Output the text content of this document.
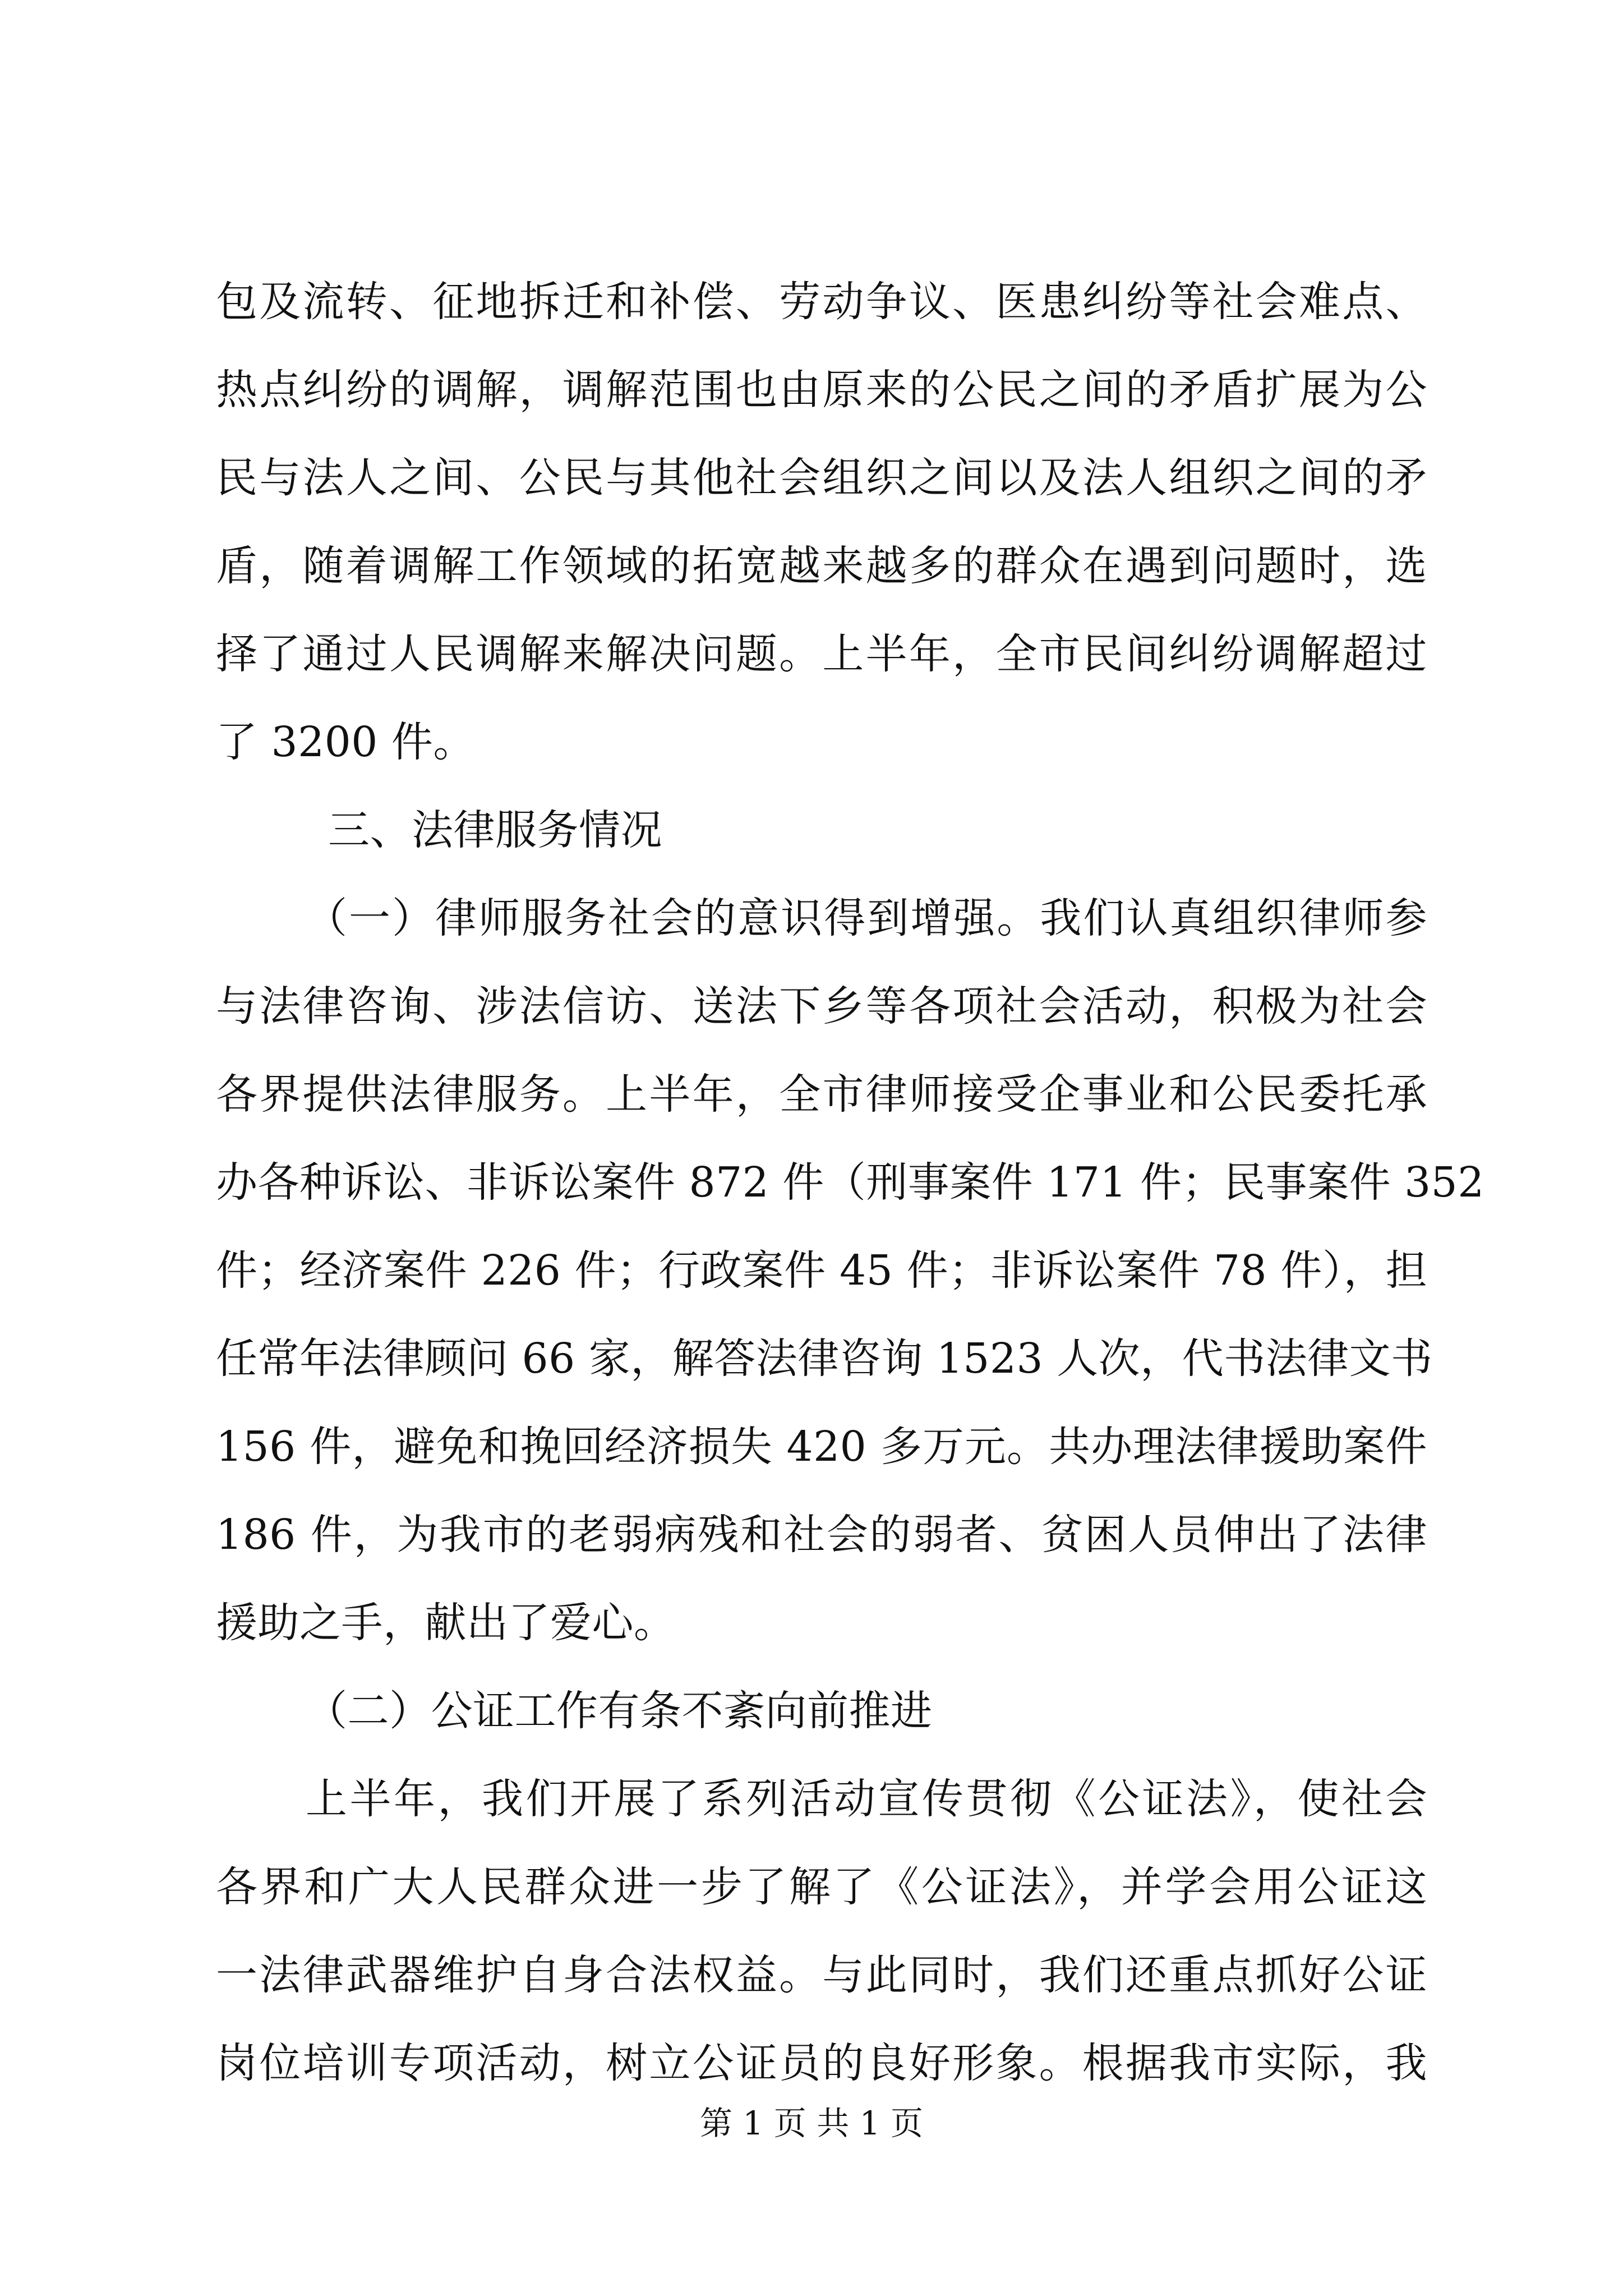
包及流转、征地拆迁和补偿、劳动争议、医患纠纷等社会难点、
热点纠纷的调解，调解范围也由原来的公民之间的矛盾扩展为公
民与法人之间、公民与其他社会组织之间以及法人组织之间的矛
盾，随着调解工作领域的拓宽越来越多的群众在遇到问题时，选
择了通过人民调解来解决问题。上半年，全市民间纠纷调解超过
了 3200 件。
三、法律服务情况
（一）律师服务社会的意识得到增强。我们认真组织律师参
与法律咨询、涉法信访、送法下乡等各项社会活动，积极为社会
各界提供法律服务。上半年，全市律师接受企事业和公民委托承
办各种诉讼、非诉讼案件 872 件（刑事案件 171 件；民事案件 352
件；经济案件 226 件；行政案件 45 件；非诉讼案件 78 件），担
任常年法律顾问 66 家，解答法律咨询 1523 人次，代书法律文书
156 件，避免和挽回经济损失 420 多万元。共办理法律援助案件
186 件，为我市的老弱病残和社会的弱者、贫困人员伸出了法律
援助之手，献出了爱心。
（二）公证工作有条不紊向前推进
上半年，我们开展了系列活动宣传贯彻《公证法》，使社会
各界和广大人民群众进一步了解了《公证法》，并学会用公证这
一法律武器维护自身合法权益。与此同时，我们还重点抓好公证
岗位培训专项活动，树立公证员的良好形象。根据我市实际，我
第 1 页 共 1 页
